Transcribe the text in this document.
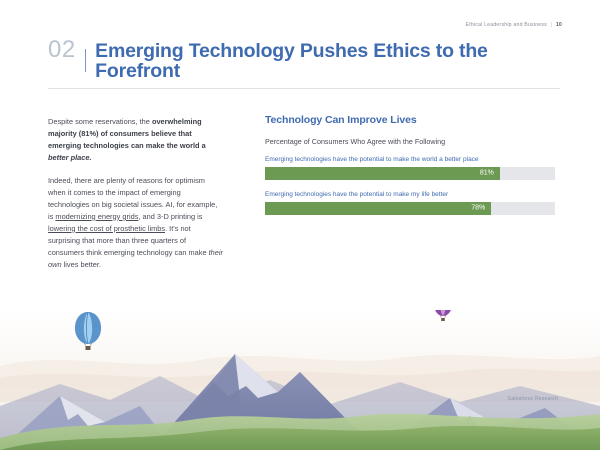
Ethical Leadership and Business | 10
02 Emerging Technology Pushes Ethics to the Forefront

Despite some reservations, the overwhelming majority (81%) of consumers believe that emerging technologies can make the world a better place.

Indeed, there are plenty of reasons for optimism when it comes to the impact of emerging technologies on big societal issues. AI, for example, is modernizing energy grids, and 3-D printing is lowering the cost of prosthetic limbs. It's not surprising that more than three quarters of consumers think emerging technology can make their own lives better.

Technology Can Improve Lives
Percentage of Consumers Who Agree with the Following
Emerging technologies have the potential to make the world a better place
81%
Emerging technologies have the potential to make my life better
78%
Salesforce Research
